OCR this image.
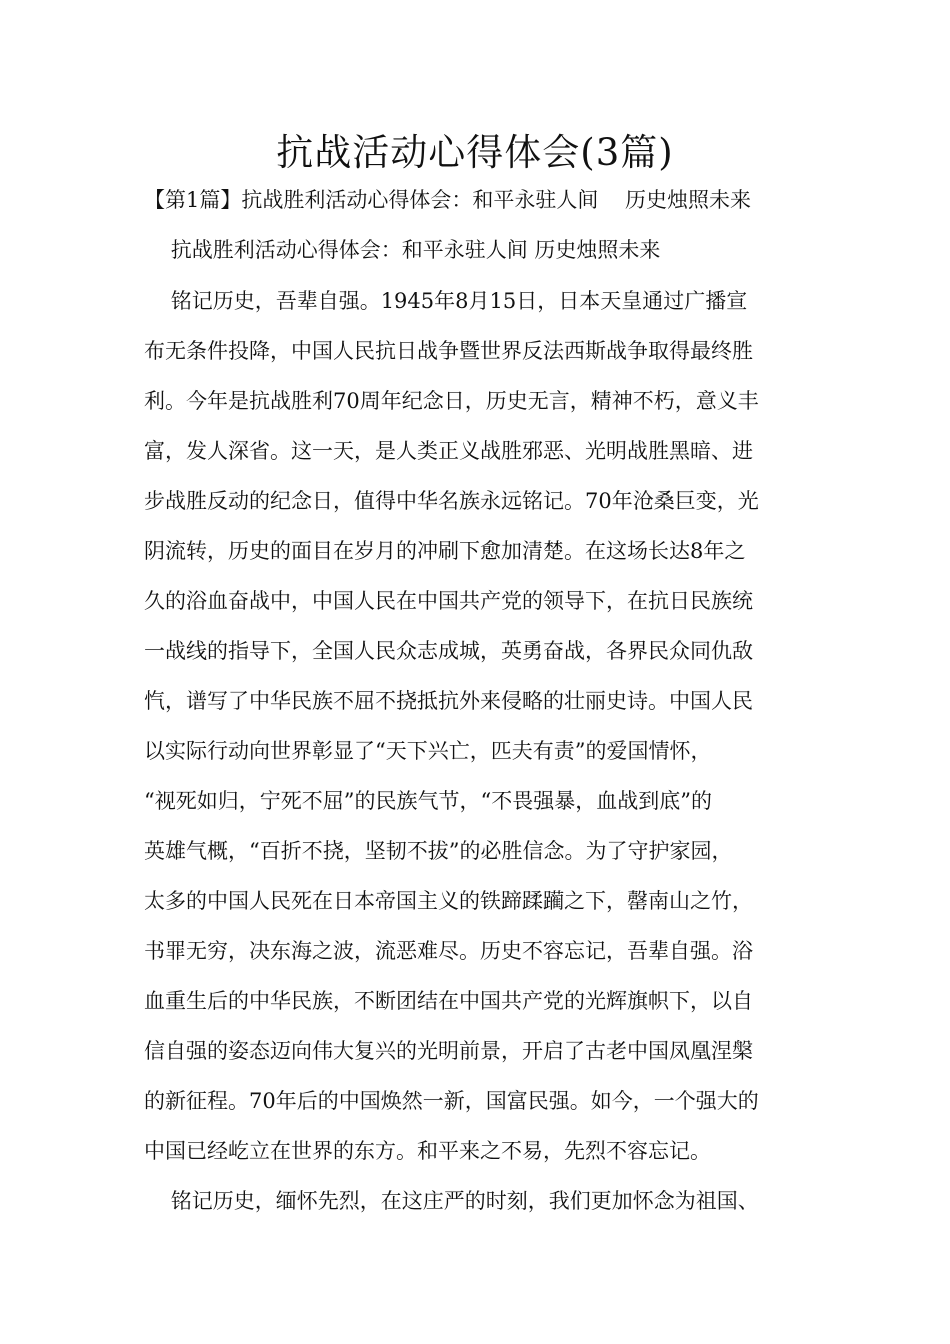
抗战活动心得体会(3篇)
【第1篇】抗战胜利活动心得体会：和平永驻人间    历史烛照未来
抗战胜利活动心得体会：和平永驻人间 历史烛照未来
铭记历史，吾辈自强。1945年8月15日，日本天皇通过广播宣
布无条件投降，中国人民抗日战争暨世界反法西斯战争取得最终胜
利。今年是抗战胜利70周年纪念日，历史无言，精神不朽，意义丰
富，发人深省。这一天，是人类正义战胜邪恶、光明战胜黑暗、进
步战胜反动的纪念日，值得中华名族永远铭记。70年沧桑巨变，光
阴流转，历史的面目在岁月的冲刷下愈加清楚。在这场长达8年之
久的浴血奋战中，中国人民在中国共产党的领导下，在抗日民族统
一战线的指导下，全国人民众志成城，英勇奋战，各界民众同仇敌
忾，谱写了中华民族不屈不挠抵抗外来侵略的壮丽史诗。中国人民
以实际行动向世界彰显了“天下兴亡，匹夫有责”的爱国情怀，
“视死如归，宁死不屈”的民族气节，“不畏强暴，血战到底”的
英雄气概，“百折不挠，坚韧不拔”的必胜信念。为了守护家园，
太多的中国人民死在日本帝国主义的铁蹄蹂躏之下，罄南山之竹，
书罪无穷，决东海之波，流恶难尽。历史不容忘记，吾辈自强。浴
血重生后的中华民族，不断团结在中国共产党的光辉旗帜下，以自
信自强的姿态迈向伟大复兴的光明前景，开启了古老中国凤凰涅槃
的新征程。70年后的中国焕然一新，国富民强。如今，一个强大的
中国已经屹立在世界的东方。和平来之不易，先烈不容忘记。
铭记历史，缅怀先烈，在这庄严的时刻，我们更加怀念为祖国、
